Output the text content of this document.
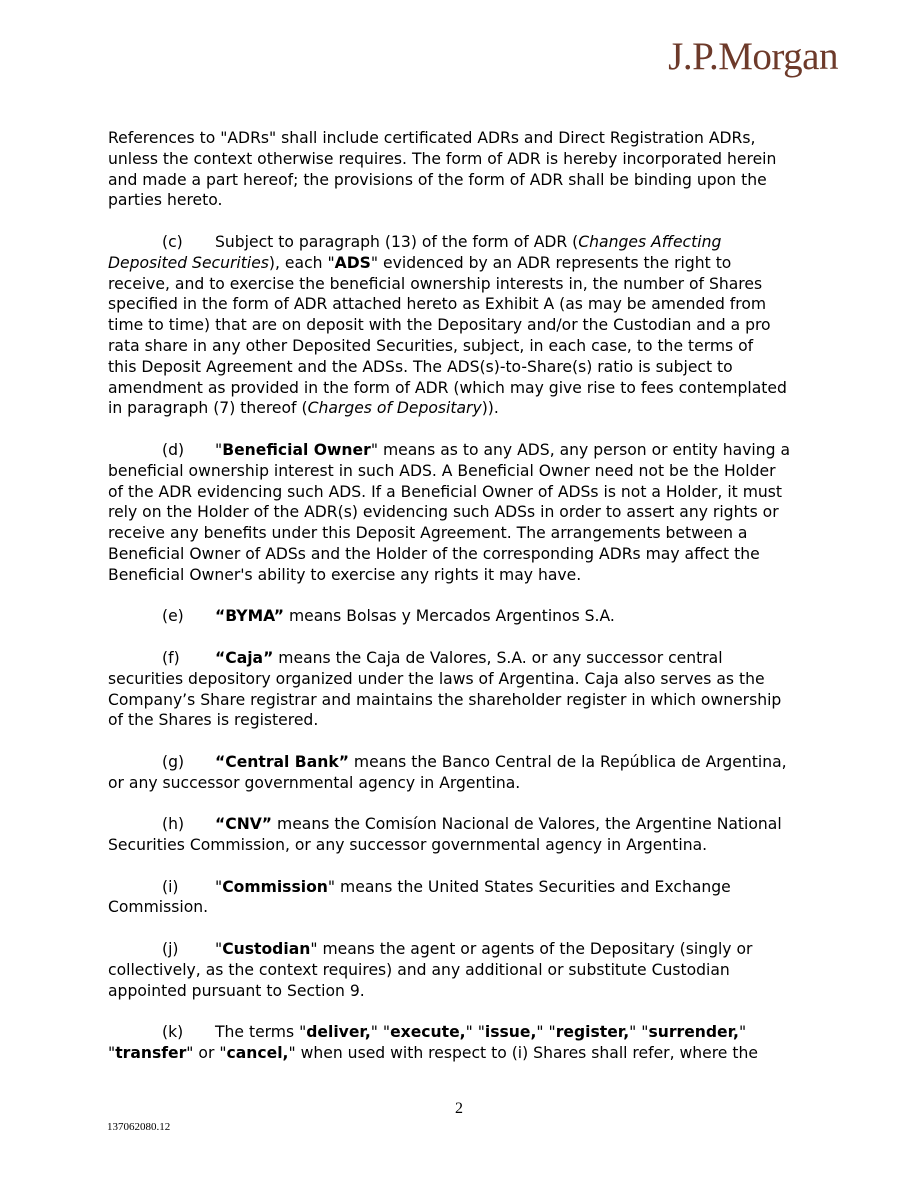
J.P.Morgan
References to "ADRs" shall include certificated ADRs and Direct Registration ADRs,
unless the context otherwise requires. The form of ADR is hereby incorporated herein
and made a part hereof; the provisions of the form of ADR shall be binding upon the
parties hereto.
(c) Subject to paragraph (13) of the form of ADR (Changes Affecting
Deposited Securities), each "ADS" evidenced by an ADR represents the right to
receive, and to exercise the beneficial ownership interests in, the number of Shares
specified in the form of ADR attached hereto as Exhibit A (as may be amended from
time to time) that are on deposit with the Depositary and/or the Custodian and a pro
rata share in any other Deposited Securities, subject, in each case, to the terms of
this Deposit Agreement and the ADSs. The ADS(s)-to-Share(s) ratio is subject to
amendment as provided in the form of ADR (which may give rise to fees contemplated
in paragraph (7) thereof (Charges of Depositary)).
(d) "Beneficial Owner" means as to any ADS, any person or entity having a
beneficial ownership interest in such ADS. A Beneficial Owner need not be the Holder
of the ADR evidencing such ADS. If a Beneficial Owner of ADSs is not a Holder, it must
rely on the Holder of the ADR(s) evidencing such ADSs in order to assert any rights or
receive any benefits under this Deposit Agreement. The arrangements between a
Beneficial Owner of ADSs and the Holder of the corresponding ADRs may affect the
Beneficial Owner's ability to exercise any rights it may have.
(e) “BYMA” means Bolsas y Mercados Argentinos S.A.
(f) “Caja” means the Caja de Valores, S.A. or any successor central
securities depository organized under the laws of Argentina. Caja also serves as the
Company’s Share registrar and maintains the shareholder register in which ownership
of the Shares is registered.
(g) “Central Bank” means the Banco Central de la República de Argentina,
or any successor governmental agency in Argentina.
(h) “CNV” means the Comisíon Nacional de Valores, the Argentine National
Securities Commission, or any successor governmental agency in Argentina.
(i) "Commission" means the United States Securities and Exchange
Commission.
(j) "Custodian" means the agent or agents of the Depositary (singly or
collectively, as the context requires) and any additional or substitute Custodian
appointed pursuant to Section 9.
(k) The terms "deliver," "execute," "issue," "register," "surrender,"
"transfer" or "cancel," when used with respect to (i) Shares shall refer, where the
2
137062080.12
